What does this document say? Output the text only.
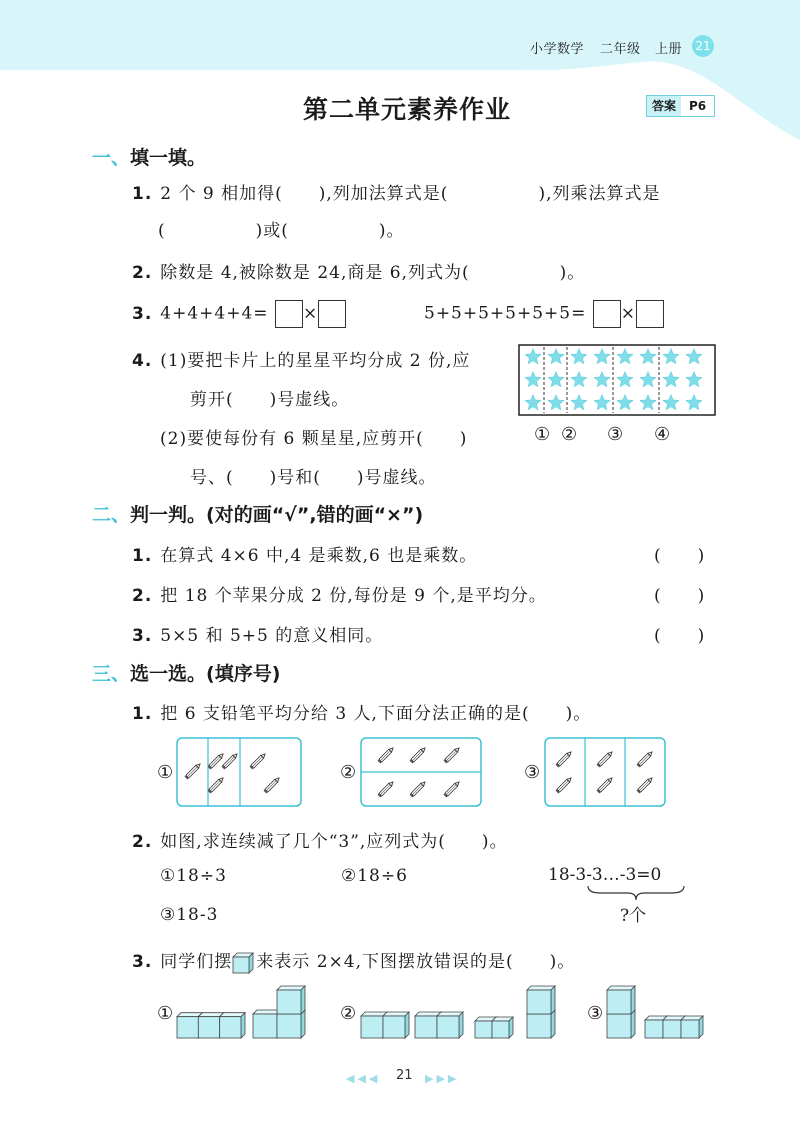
小学数学 二年级 上册 21
第二单元素养作业	答案	P6
一、填一填。
1. 2 个 9 相加得(　　),列加法算式是(　　　　　),列乘法算式是
(　　　　　)或(　　　　　)。
2. 除数是 4,被除数是 24,商是 6,列式为(　　　　　)。
3. 4+4+4+4= ×	5+5+5+5+5+5= ×
4. (1)要把卡片上的星星平均分成 2 份,应
剪开(　　)号虚线。
(2)要使每份有 6 颗星星,应剪开(　　)
号、(　　)号和(　　)号虚线。
① ② ③ ④
二、判一判。(对的画“√”,错的画“×”)
1. 在算式 4×6 中,4 是乘数,6 也是乘数。	(　　)
2. 把 18 个苹果分成 2 份,每份是 9 个,是平均分。	(　　)
3. 5×5 和 5+5 的意义相同。	(　　)
三、选一选。(填序号)
1. 把 6 支铅笔平均分给 3 人,下面分法正确的是(　　)。
①	②	③
2. 如图,求连续减了几个“3”,应列式为(　　)。
①18÷3	②18÷6
③18-3
18-3-3…-3=0
?个
3. 同学们摆 来表示 2×4,下图摆放错误的是(　　)。
①	②	③
◀◀◀ 21 ▶▶▶
